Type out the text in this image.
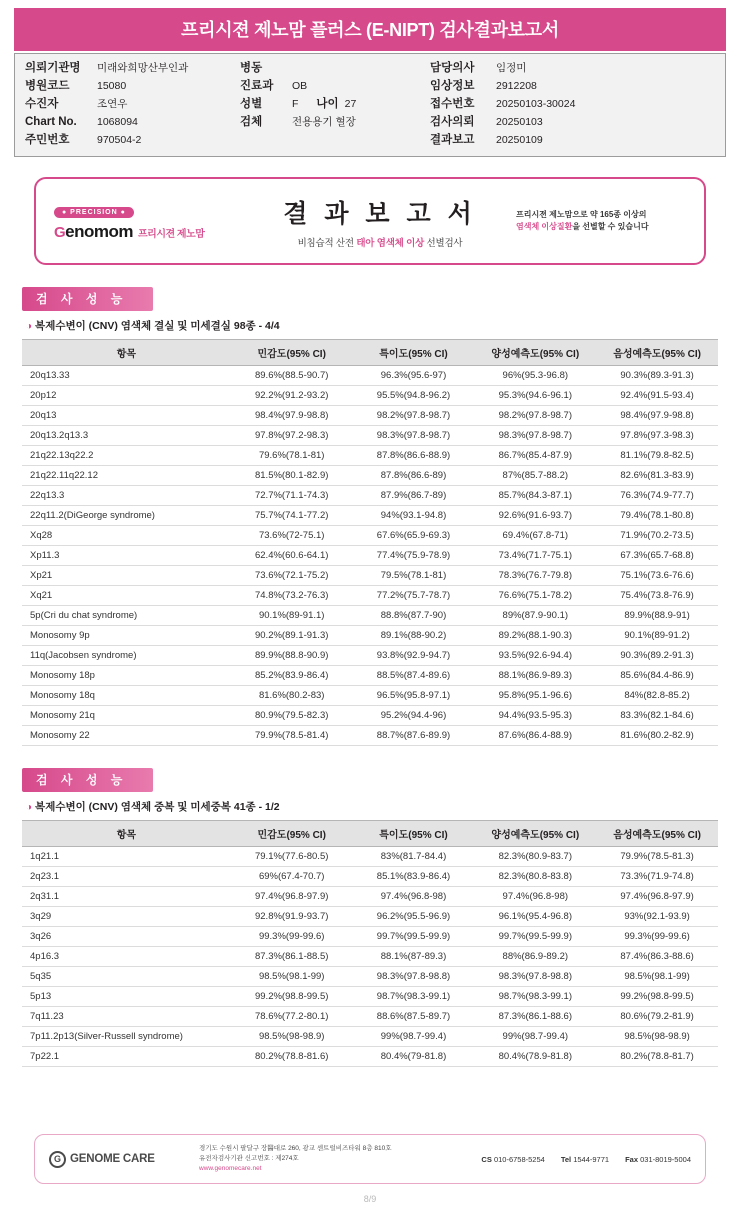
프리시젼 제노맘 플러스 (E-NIPT) 검사결과보고서
의뢰기관명	미래와희망산부인과
병원코드	15080
수진자	조연우
Chart No.	1068094
주민번호	970504-2
병동
진료과	OB
성별	F 나이 27
검체	전용용기 혈장
담당의사	임정미
임상정보	2912208
접수번호	20250103-30024
검사의뢰	20250103
결과보고	20250109
● PRECISION ●
Genomom 프리시젼 제노맘
결 과 보 고 서
비침습적 산전 태아 염색체 이상 선별검사
프리시젼 제노맘으로 약 165종 이상의
염색체 이상질환을 선별할 수 있습니다
검 사 성 능
◑ 복제수변이 (CNV) 염색체 결실 및 미세결실 98종 - 4/4
항목	민감도(95% CI)	특이도(95% CI)	양성예측도(95% CI)	음성예측도(95% CI)
20q13.33	89.6%(88.5-90.7)	96.3%(95.6-97)	96%(95.3-96.8)	90.3%(89.3-91.3)
20p12	92.2%(91.2-93.2)	95.5%(94.8-96.2)	95.3%(94.6-96.1)	92.4%(91.5-93.4)
20q13	98.4%(97.9-98.8)	98.2%(97.8-98.7)	98.2%(97.8-98.7)	98.4%(97.9-98.8)
20q13.2q13.3	97.8%(97.2-98.3)	98.3%(97.8-98.7)	98.3%(97.8-98.7)	97.8%(97.3-98.3)
21q22.13q22.2	79.6%(78.1-81)	87.8%(86.6-88.9)	86.7%(85.4-87.9)	81.1%(79.8-82.5)
21q22.11q22.12	81.5%(80.1-82.9)	87.8%(86.6-89)	87%(85.7-88.2)	82.6%(81.3-83.9)
22q13.3	72.7%(71.1-74.3)	87.9%(86.7-89)	85.7%(84.3-87.1)	76.3%(74.9-77.7)
22q11.2(DiGeorge syndrome)	75.7%(74.1-77.2)	94%(93.1-94.8)	92.6%(91.6-93.7)	79.4%(78.1-80.8)
Xq28	73.6%(72-75.1)	67.6%(65.9-69.3)	69.4%(67.8-71)	71.9%(70.2-73.5)
Xp11.3	62.4%(60.6-64.1)	77.4%(75.9-78.9)	73.4%(71.7-75.1)	67.3%(65.7-68.8)
Xp21	73.6%(72.1-75.2)	79.5%(78.1-81)	78.3%(76.7-79.8)	75.1%(73.6-76.6)
Xq21	74.8%(73.2-76.3)	77.2%(75.7-78.7)	76.6%(75.1-78.2)	75.4%(73.8-76.9)
5p(Cri du chat syndrome)	90.1%(89-91.1)	88.8%(87.7-90)	89%(87.9-90.1)	89.9%(88.9-91)
Monosomy 9p	90.2%(89.1-91.3)	89.1%(88-90.2)	89.2%(88.1-90.3)	90.1%(89-91.2)
11q(Jacobsen syndrome)	89.9%(88.8-90.9)	93.8%(92.9-94.7)	93.5%(92.6-94.4)	90.3%(89.2-91.3)
Monosomy 18p	85.2%(83.9-86.4)	88.5%(87.4-89.6)	88.1%(86.9-89.3)	85.6%(84.4-86.9)
Monosomy 18q	81.6%(80.2-83)	96.5%(95.8-97.1)	95.8%(95.1-96.6)	84%(82.8-85.2)
Monosomy 21q	80.9%(79.5-82.3)	95.2%(94.4-96)	94.4%(93.5-95.3)	83.3%(82.1-84.6)
Monosomy 22	79.9%(78.5-81.4)	88.7%(87.6-89.9)	87.6%(86.4-88.9)	81.6%(80.2-82.9)
검 사 성 능
◑ 복제수변이 (CNV) 염색체 중복 및 미세중복 41종 - 1/2
항목	민감도(95% CI)	특이도(95% CI)	양성예측도(95% CI)	음성예측도(95% CI)
1q21.1	79.1%(77.6-80.5)	83%(81.7-84.4)	82.3%(80.9-83.7)	79.9%(78.5-81.3)
2q23.1	69%(67.4-70.7)	85.1%(83.9-86.4)	82.3%(80.8-83.8)	73.3%(71.9-74.8)
2q31.1	97.4%(96.8-97.9)	97.4%(96.8-98)	97.4%(96.8-98)	97.4%(96.8-97.9)
3q29	92.8%(91.9-93.7)	96.2%(95.5-96.9)	96.1%(95.4-96.8)	93%(92.1-93.9)
3q26	99.3%(99-99.6)	99.7%(99.5-99.9)	99.7%(99.5-99.9)	99.3%(99-99.6)
4p16.3	87.3%(86.1-88.5)	88.1%(87-89.3)	88%(86.9-89.2)	87.4%(86.3-88.6)
5q35	98.5%(98.1-99)	98.3%(97.8-98.8)	98.3%(97.8-98.8)	98.5%(98.1-99)
5p13	99.2%(98.8-99.5)	98.7%(98.3-99.1)	98.7%(98.3-99.1)	99.2%(98.8-99.5)
7q11.23	78.6%(77.2-80.1)	88.6%(87.5-89.7)	87.3%(86.1-88.6)	80.6%(79.2-81.9)
7p11.2p13(Silver-Russell syndrome)	98.5%(98-98.9)	99%(98.7-99.4)	99%(98.7-99.4)	98.5%(98-98.9)
7p22.1	80.2%(78.8-81.6)	80.4%(79-81.8)	80.4%(78.9-81.8)	80.2%(78.8-81.7)
G GENOME CARE
경기도 수원시 팔달구 장醫대로 260, 광교 센트럴비즈타워 8층 810호
유전자검사기관 신고번호 : 제274호
www.genomecare.net
CS 010-6758-5254 Tel 1544-9771 Fax 031-8019-5004
8/9
